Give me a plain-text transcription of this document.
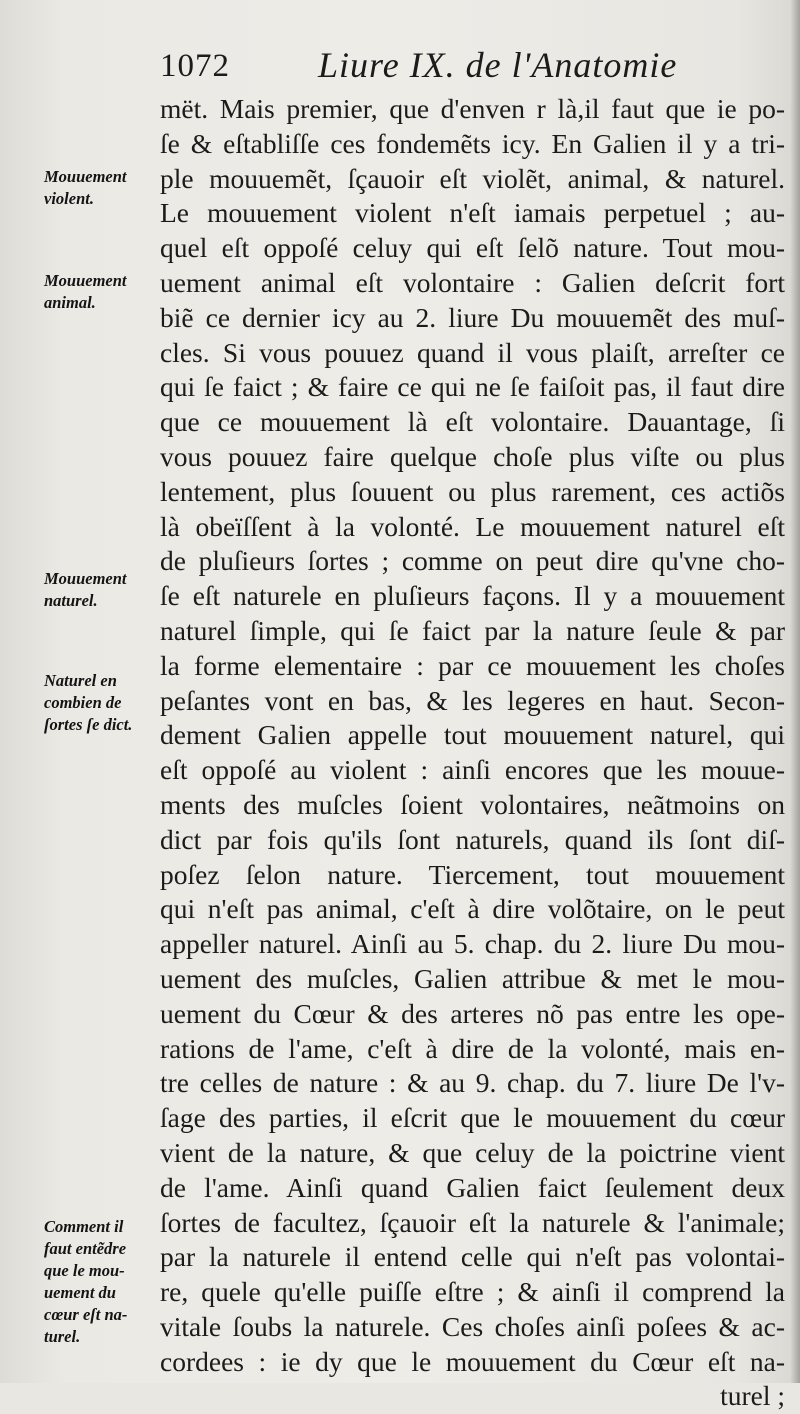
1072 Liure IX. de l'Anatomie
mët. Mais premier, que d'enven r là,il faut que ie po-
ſe & eſtabliſſe ces fondemẽts icy. En Galien il y a tri-
ple mouuemẽt, ſçauoir eſt violẽt, animal, & naturel.
Le mouuement violent n'eſt iamais perpetuel ; au-
quel eſt oppoſé celuy qui eſt ſelõ nature. Tout mou-
uement animal eſt volontaire : Galien deſcrit fort
biẽ ce dernier icy au 2. liure Du mouuemẽt des muſ-
cles. Si vous pouuez quand il vous plaiſt, arreſter ce
qui ſe faict ; & faire ce qui ne ſe faiſoit pas, il faut dire
que ce mouuement là eſt volontaire. Dauantage, ſi
vous pouuez faire quelque choſe plus viſte ou plus
lentement, plus ſouuent ou plus rarement, ces actiõs
là obeïſſent à la volonté. Le mouuement naturel eſt
de pluſieurs ſortes ; comme on peut dire qu'vne cho-
ſe eſt naturele en pluſieurs façons. Il y a mouuement
naturel ſimple, qui ſe faict par la nature ſeule & par
la forme elementaire : par ce mouuement les choſes
peſantes vont en bas, & les legeres en haut. Secon-
dement Galien appelle tout mouuement naturel, qui
eſt oppoſé au violent : ainſi encores que les mouue-
ments des muſcles ſoient volontaires, neãtmoins on
dict par fois qu'ils ſont naturels, quand ils ſont diſ-
poſez ſelon nature. Tiercement, tout mouuement
qui n'eſt pas animal, c'eſt à dire volõtaire, on le peut
appeller naturel. Ainſi au 5. chap. du 2. liure Du mou-
uement des muſcles, Galien attribue & met le mou-
uement du Cœur & des arteres nõ pas entre les ope-
rations de l'ame, c'eſt à dire de la volonté, mais en-
tre celles de nature : & au 9. chap. du 7. liure De l'v-
ſage des parties, il eſcrit que le mouuement du cœur
vient de la nature, & que celuy de la poictrine vient
de l'ame. Ainſi quand Galien faict ſeulement deux
ſortes de facultez, ſçauoir eſt la naturele & l'animale;
par la naturele il entend celle qui n'eſt pas volontai-
re, quele qu'elle puiſſe eſtre ; & ainſi il comprend la
vitale ſoubs la naturele. Ces choſes ainſi poſees & ac-
cordees : ie dy que le mouuement du Cœur eſt na-
turel ;
Mouuement
violent.
Mouuement
animal.
Mouuement
naturel.
Naturel en
combien de
ſortes ſe dict.
Comment il
faut entẽdre
que le mou-
uement du
cœur eſt na-
turel.
